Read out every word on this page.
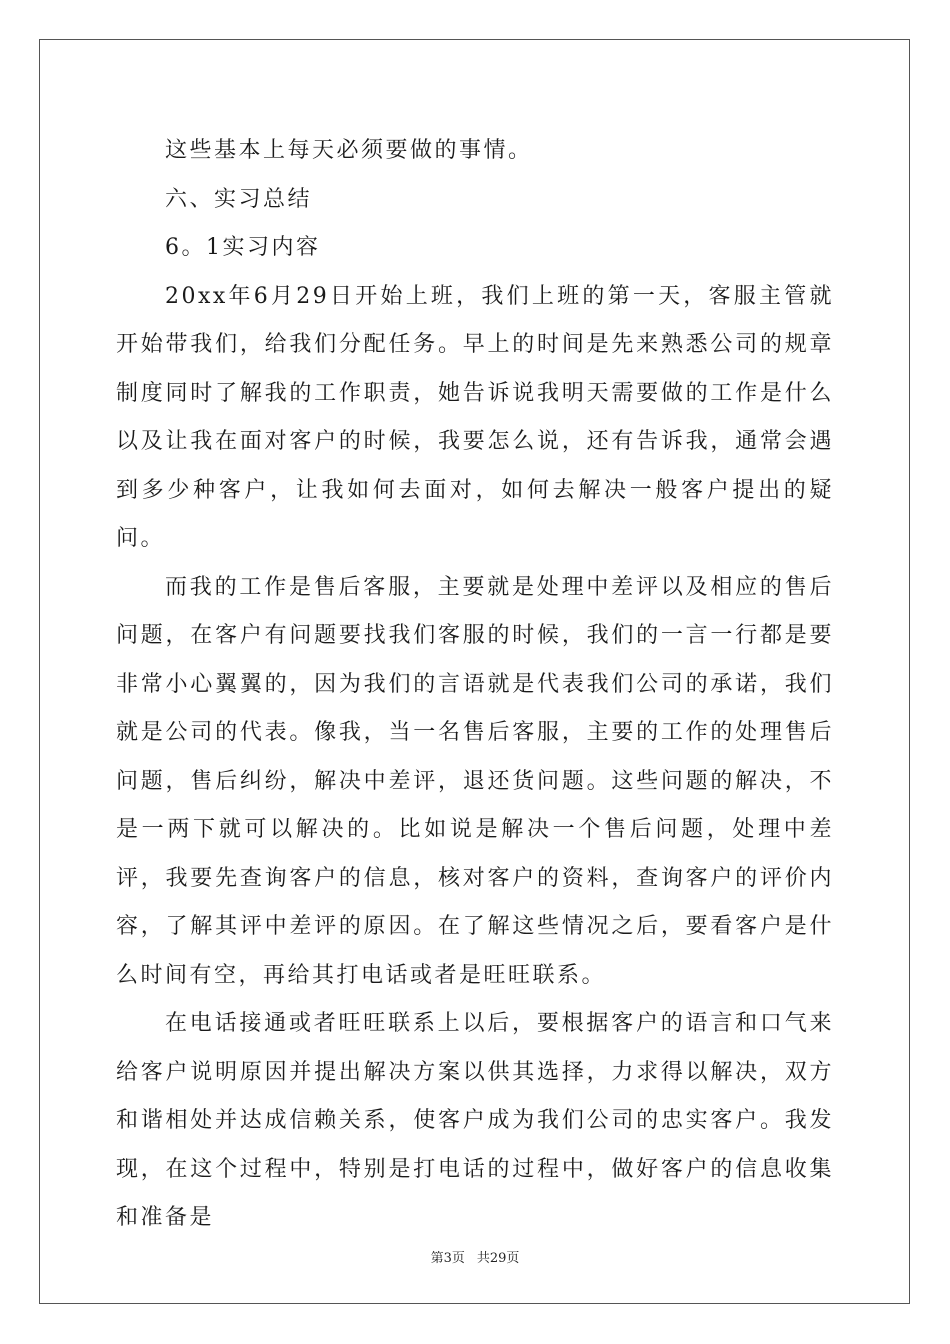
这些基本上每天必须要做的事情。

六、实习总结

6。1实习内容

20xx年6月29日开始上班，我们上班的第一天，客服主管就开始带我们，给我们分配任务。早上的时间是先来熟悉公司的规章制度同时了解我的工作职责，她告诉说我明天需要做的工作是什么以及让我在面对客户的时候，我要怎么说，还有告诉我，通常会遇到多少种客户，让我如何去面对，如何去解决一般客户提出的疑问。

而我的工作是售后客服，主要就是处理中差评以及相应的售后问题，在客户有问题要找我们客服的时候，我们的一言一行都是要非常小心翼翼的，因为我们的言语就是代表我们公司的承诺，我们就是公司的代表。像我，当一名售后客服，主要的工作的处理售后问题，售后纠纷，解决中差评，退还货问题。这些问题的解决，不是一两下就可以解决的。比如说是解决一个售后问题，处理中差评，我要先查询客户的信息，核对客户的资料，查询客户的评价内容，了解其评中差评的原因。在了解这些情况之后，要看客户是什么时间有空，再给其打电话或者是旺旺联系。

在电话接通或者旺旺联系上以后，要根据客户的语言和口气来给客户说明原因并提出解决方案以供其选择，力求得以解决，双方和谐相处并达成信赖关系，使客户成为我们公司的忠实客户。我发现，在这个过程中，特别是打电话的过程中，做好客户的信息收集和准备是

第3页 共29页
